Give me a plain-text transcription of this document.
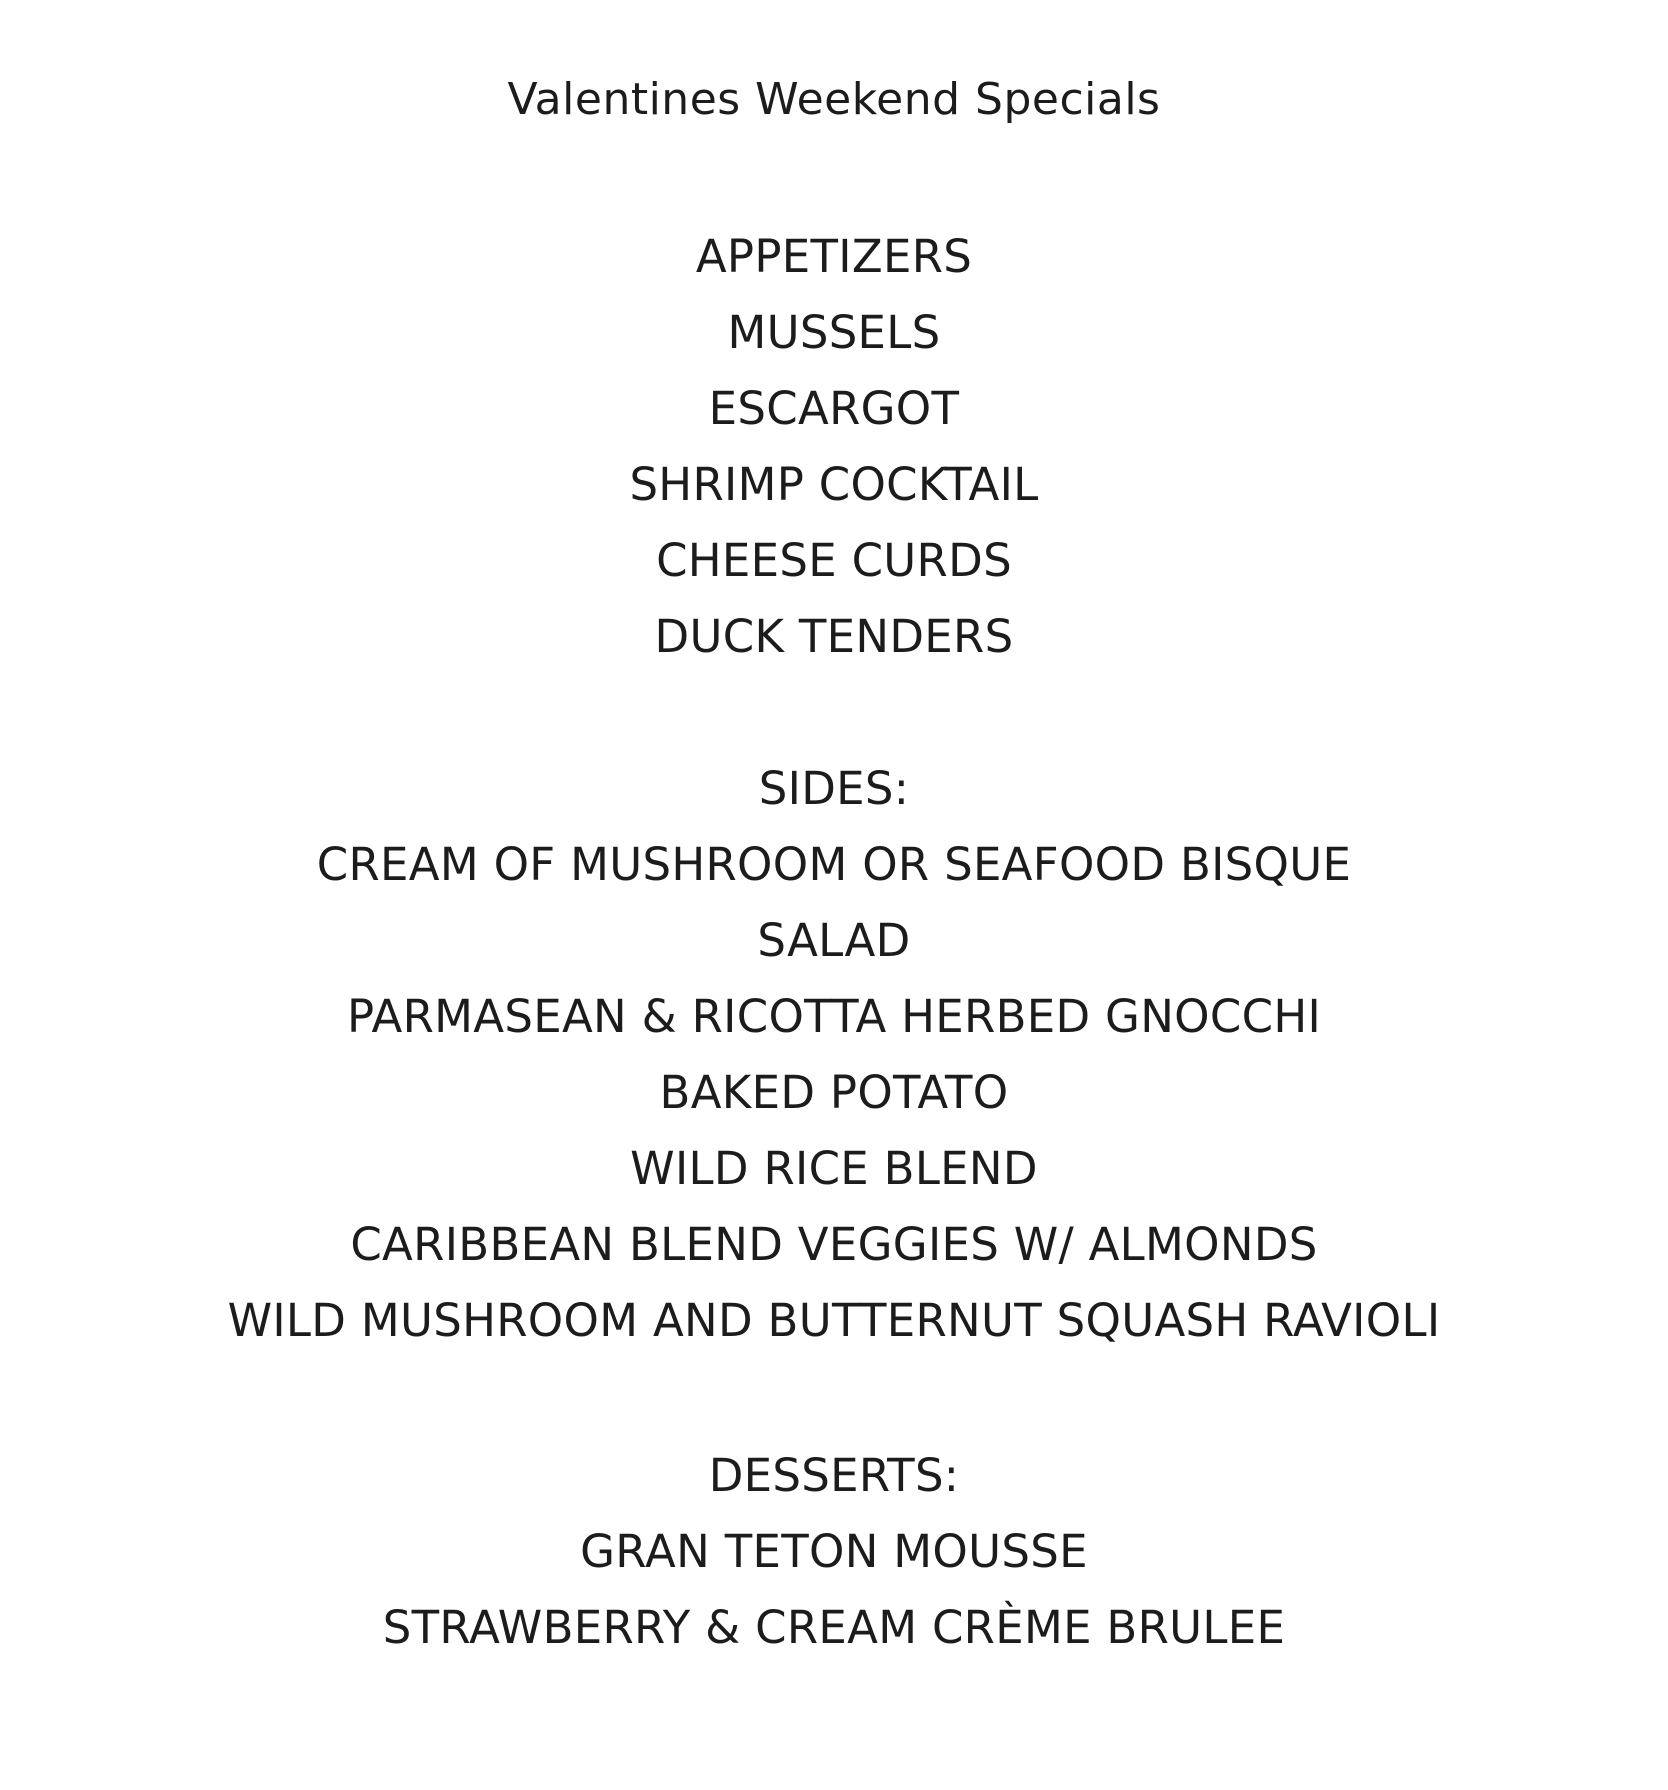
Valentines Weekend Specials
APPETIZERS
MUSSELS
ESCARGOT
SHRIMP COCKTAIL
CHEESE CURDS
DUCK TENDERS
SIDES:
CREAM OF MUSHROOM OR SEAFOOD BISQUE
SALAD
PARMASEAN & RICOTTA HERBED GNOCCHI
BAKED POTATO
WILD RICE BLEND
CARIBBEAN BLEND VEGGIES W/ ALMONDS
WILD MUSHROOM AND BUTTERNUT SQUASH RAVIOLI
DESSERTS:
GRAN TETON MOUSSE
STRAWBERRY & CREAM CRÈME BRULEE
